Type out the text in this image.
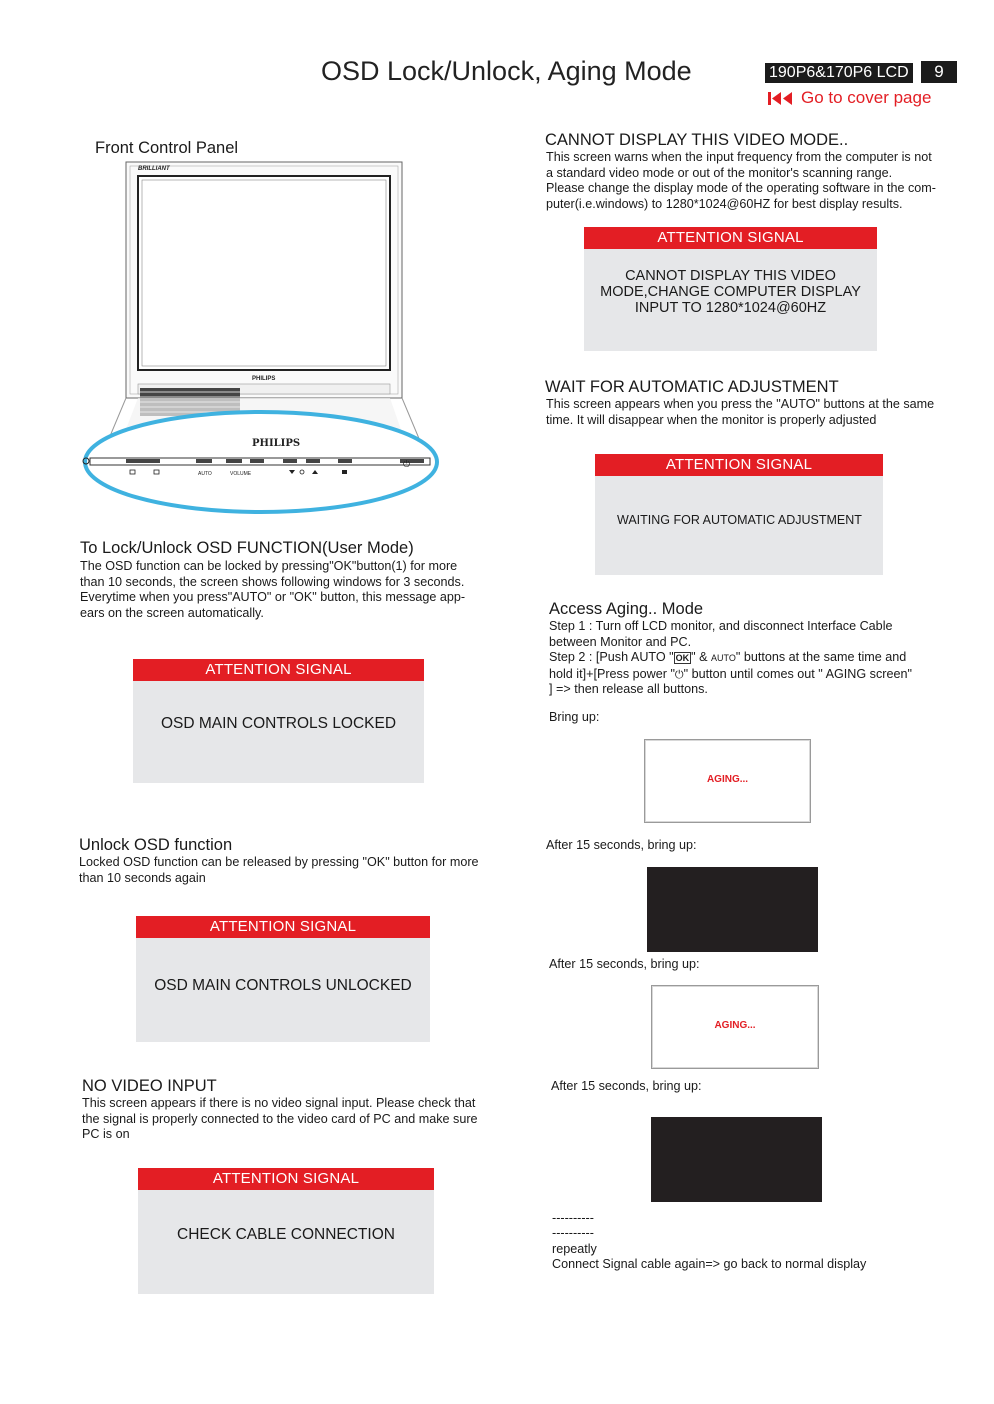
OSD Lock/Unlock, Aging Mode	190P6&170P6 LCD	9
Go to cover page
Front Control Panel
AUTO	VOLUME
⏻
BRILLIANT
PHILIPS
PHILIPS
To Lock/Unlock OSD FUNCTION(User Mode)
The OSD function can be locked by pressing"OK"button(1) for more
than 10 seconds, the screen shows following windows for 3 seconds.
Everytime when you press"AUTO" or "OK" button, this message app-
ears on the screen automatically.
ATTENTION SIGNAL
OSD MAIN CONTROLS LOCKED
Unlock OSD function
Locked OSD function can be released by pressing "OK" button for more
than 10 seconds again
ATTENTION SIGNAL
OSD MAIN CONTROLS UNLOCKED
NO VIDEO INPUT
This screen appears if there is no video signal input. Please check that
the signal is properly connected to the video card of PC and make sure
PC is on
ATTENTION SIGNAL
CHECK CABLE CONNECTION
CANNOT DISPLAY THIS VIDEO MODE..
This screen warns when the input frequency from the computer is not
a standard video mode or out of the monitor's scanning range.
Please change the display mode of the operating software in the com-
puter(i.e.windows) to 1280*1024@60HZ for best display results.
ATTENTION SIGNAL
CANNOT DISPLAY THIS VIDEO
MODE,CHANGE COMPUTER DISPLAY
INPUT TO 1280*1024@60HZ
WAIT FOR AUTOMATIC ADJUSTMENT
This screen appears when you press the "AUTO" buttons at the same
time. It will disappear when the monitor is properly adjusted
ATTENTION SIGNAL
WAITING FOR AUTOMATIC ADJUSTMENT
Access Aging.. Mode
Step 1 : Turn off LCD monitor, and disconnect Interface Cable
between Monitor and PC.
Step 2 : [Push AUTO " OK " & AUTO" buttons at the same time and
hold it]+[Press power "⏻" button until comes out " AGING screen"
] => then release all buttons.
Bring up:
AGING...
After 15 seconds, bring up:
After 15 seconds, bring up:
AGING...
After 15 seconds, bring up:
----------
----------
repeatly
Connect Signal cable again=> go back to normal display
